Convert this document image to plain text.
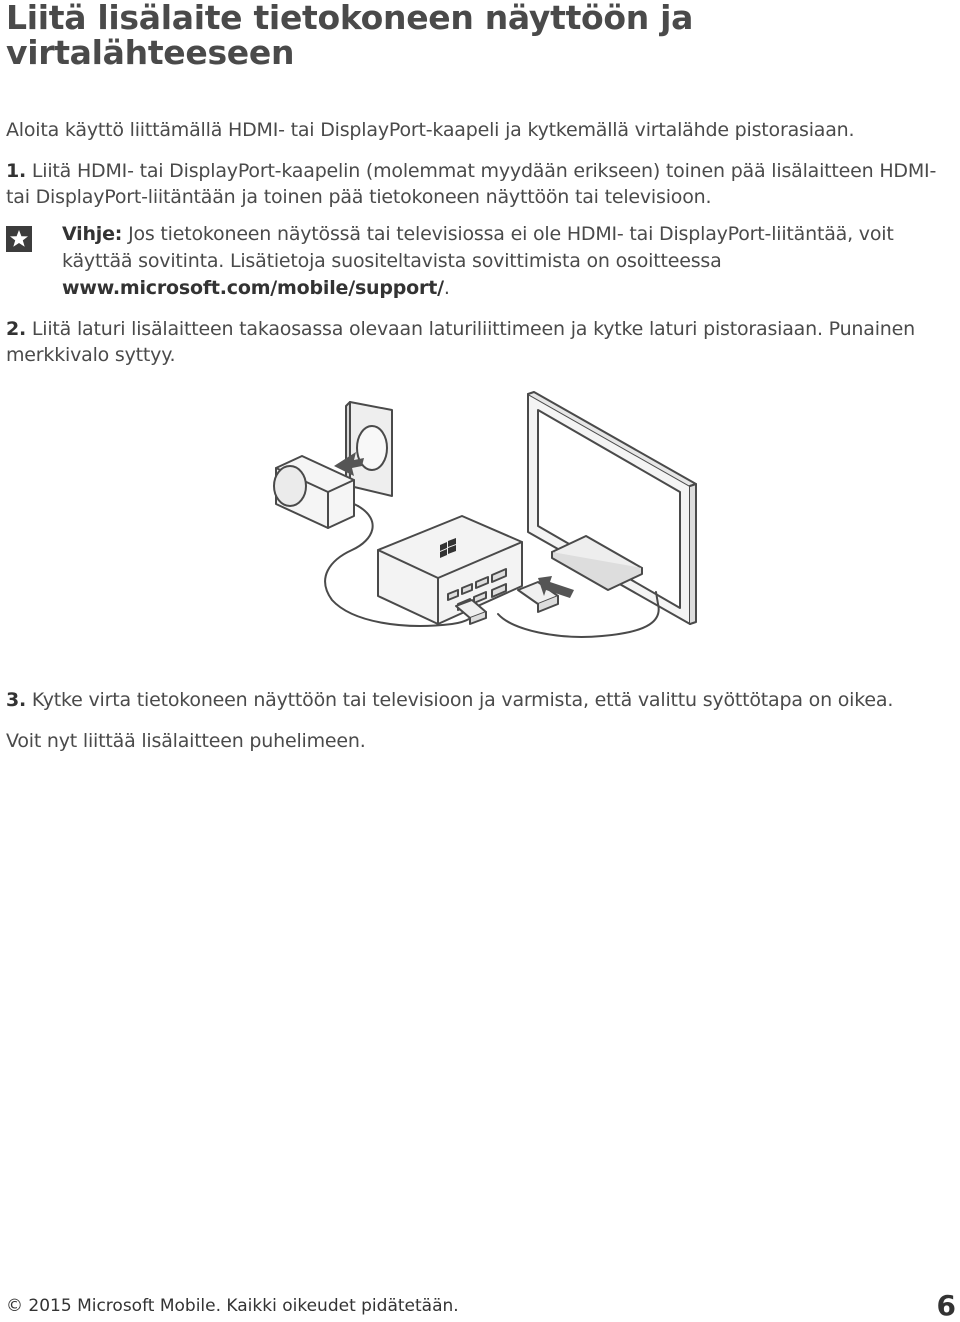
Liitä lisälaite tietokoneen näyttöön ja virtalähteeseen
Aloita käyttö liittämällä HDMI- tai DisplayPort-kaapeli ja kytkemällä virtalähde pistorasiaan.
1. Liitä HDMI- tai DisplayPort-kaapelin (molemmat myydään erikseen) toinen pää lisälaitteen HDMI- tai DisplayPort-liitäntään ja toinen pää tietokoneen näyttöön tai televisioon.
Vihje: Jos tietokoneen näytössä tai televisiossa ei ole HDMI- tai DisplayPort-liitäntää, voit käyttää sovitinta. Lisätietoja suositeltavista sovittimista on osoitteessa www.microsoft.com/mobile/support/.
2. Liitä laturi lisälaitteen takaosassa olevaan laturiliittimeen ja kytke laturi pistorasiaan. Punainen merkkivalo syttyy.
3. Kytke virta tietokoneen näyttöön tai televisioon ja varmista, että valittu syöttötapa on oikea.
Voit nyt liittää lisälaitteen puhelimeen.
© 2015 Microsoft Mobile. Kaikki oikeudet pidätetään.	6
